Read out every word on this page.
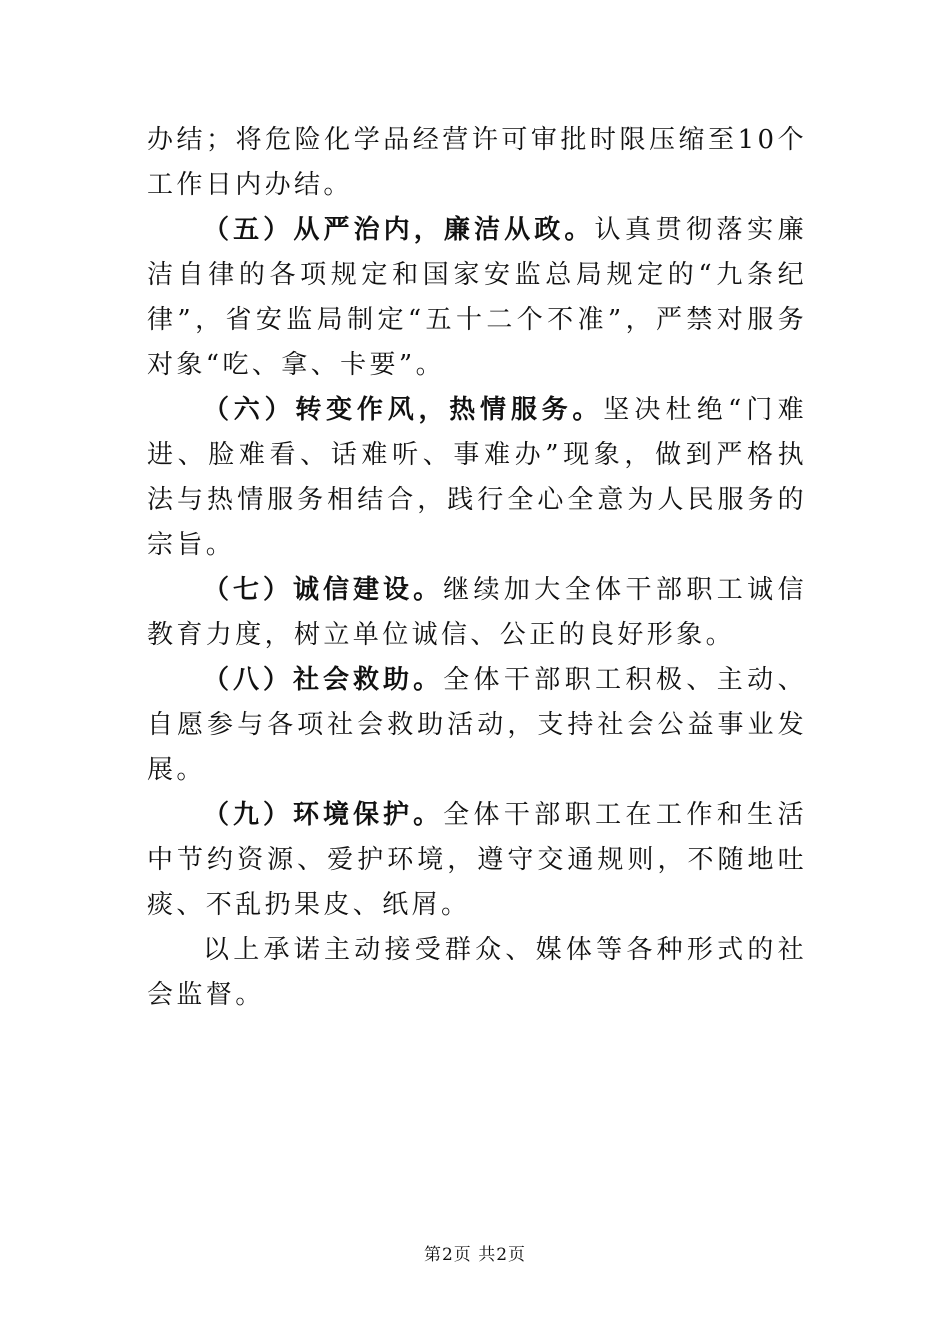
办结；将危险化学品经营许可审批时限压缩至10个工作日内办结。

（五）从严治内，廉洁从政。认真贯彻落实廉洁自律的各项规定和国家安监总局规定的“九条纪律”，省安监局制定“五十二个不准”，严禁对服务对象“吃、拿、卡要”。

（六）转变作风，热情服务。坚决杜绝“门难进、脸难看、话难听、事难办”现象，做到严格执法与热情服务相结合，践行全心全意为人民服务的宗旨。

（七）诚信建设。继续加大全体干部职工诚信教育力度，树立单位诚信、公正的良好形象。

（八）社会救助。全体干部职工积极、主动、自愿参与各项社会救助活动，支持社会公益事业发展。

（九）环境保护。全体干部职工在工作和生活中节约资源、爱护环境，遵守交通规则，不随地吐痰、不乱扔果皮、纸屑。

以上承诺主动接受群众、媒体等各种形式的社会监督。

第2页 共2页
